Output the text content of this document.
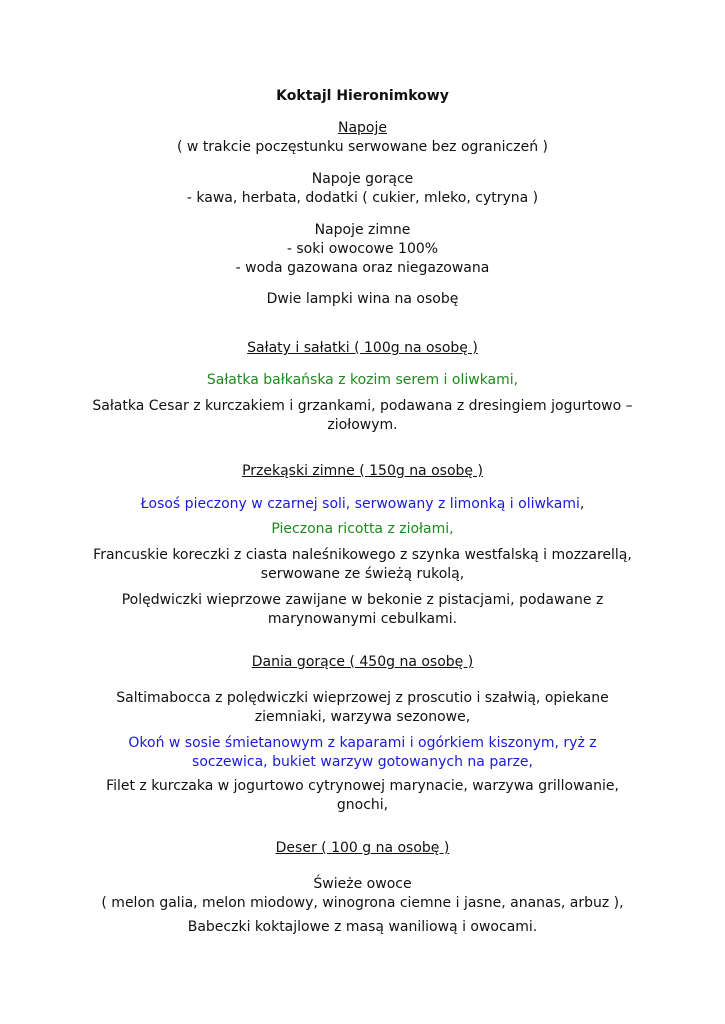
Koktajl Hieronimkowy

Napoje

( w trakcie poczęstunku serwowane bez ograniczeń )

Napoje gorące

- kawa, herbata, dodatki ( cukier, mleko, cytryna )

Napoje zimne

- soki owocowe 100%

- woda gazowana oraz niegazowana

Dwie lampki wina na osobę

Sałaty i sałatki ( 100g na osobę )

Sałatka bałkańska z kozim serem i oliwkami,

Sałatka Cesar z kurczakiem i grzankami, podawana z dresingiem jogurtowo –

ziołowym.

Przekąski zimne ( 150g na osobę )

Łosoś pieczony w czarnej soli, serwowany z limonką i oliwkami,

Pieczona ricotta z ziołami,

Francuskie koreczki z ciasta naleśnikowego z szynka westfalską i mozzarellą,

serwowane ze świeżą rukolą,

Polędwiczki wieprzowe zawijane w bekonie z pistacjami, podawane z

marynowanymi cebulkami.

Dania gorące ( 450g na osobę )

Saltimabocca z polędwiczki wieprzowej z proscutio i szałwią, opiekane

ziemniaki, warzywa sezonowe,

Okoń w sosie śmietanowym z kaparami i ogórkiem kiszonym, ryż z

soczewica, bukiet warzyw gotowanych na parze,

Filet z kurczaka w jogurtowo cytrynowej marynacie, warzywa grillowanie,

gnochi,

Deser ( 100 g na osobę )

Świeże owoce

( melon galia, melon miodowy, winogrona ciemne i jasne, ananas, arbuz ),

Babeczki koktajlowe z masą waniliową i owocami.
